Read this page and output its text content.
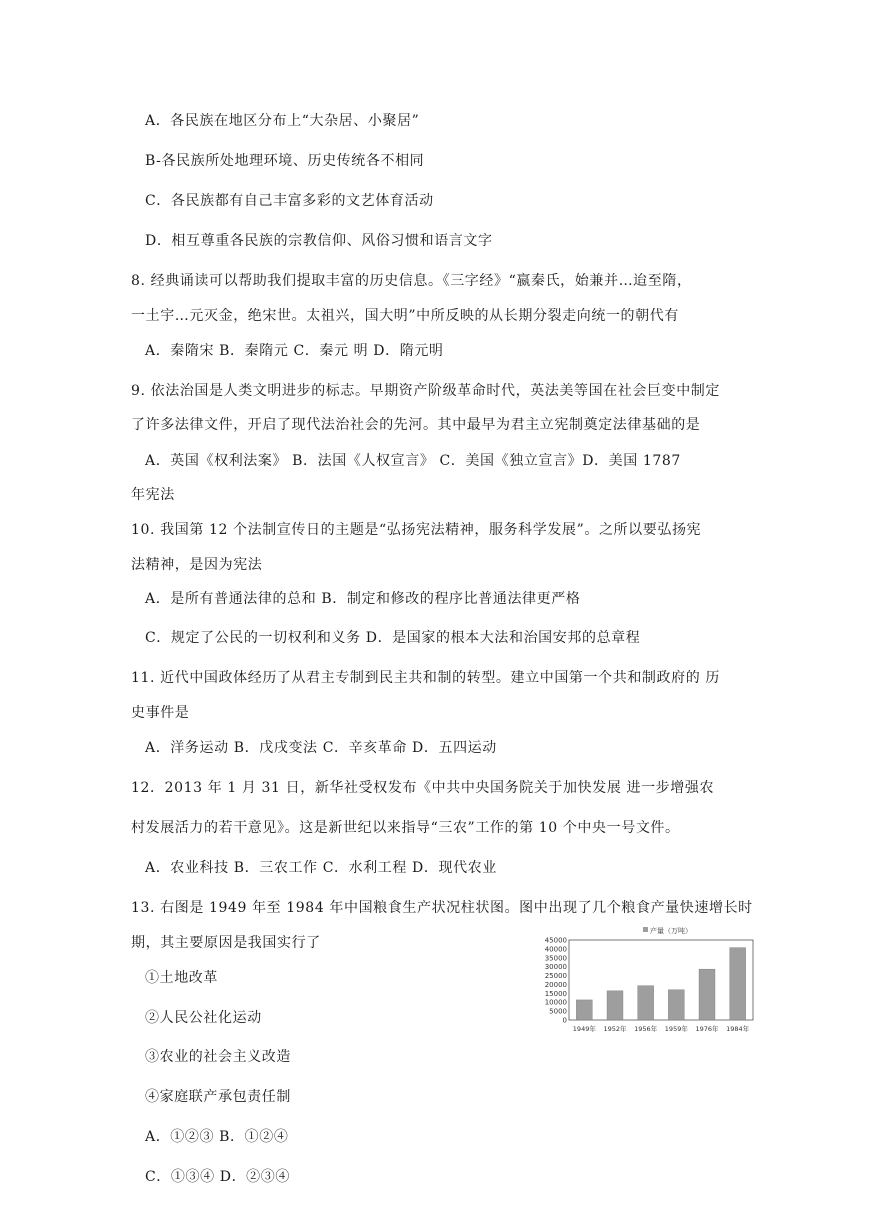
A．各民族在地区分布上“大杂居、小聚居”
B-各民族所处地理环境、历史传统各不相同
C．各民族都有自己丰富多彩的文艺体育活动
D．相互尊重各民族的宗教信仰、风俗习惯和语言文字
8. 经典诵读可以帮助我们提取丰富的历史信息。《三字经》“嬴秦氏，始兼并…迨至隋，
一土宇…元灭金，绝宋世。太祖兴，国大明”中所反映的从长期分裂走向统一的朝代有
A．秦隋宋 B．秦隋元 C．秦元 明 D．隋元明
9. 依法治国是人类文明进步的标志。早期资产阶级革命时代，英法美等国在社会巨变中制定
了许多法律文件，开启了现代法治社会的先河。其中最早为君主立宪制奠定法律基础的是
A．英国《权利法案》 B．法国《人权宣言》 C．美国《独立宣言》D．美国 1787
年宪法
10. 我国第 12 个法制宣传日的主题是“弘扬宪法精神，服务科学发展”。之所以要弘扬宪
法精神，是因为宪法
A．是所有普通法律的总和 B．制定和修改的程序比普通法律更严格
C．规定了公民的一切权利和义务 D．是国家的根本大法和治国安邦的总章程
11. 近代中国政体经历了从君主专制到民主共和制的转型。建立中国第一个共和制政府的 历
史事件是
A．洋务运动 B．戊戌变法 C．辛亥革命 D．五四运动
12．2013 年 1 月 31 日，新华社受权发布《中共中央国务院关于加快发展 进一步增强农
村发展活力的若干意见》。这是新世纪以来指导“三农”工作的第 10 个中央一号文件。
A．农业科技 B．三农工作 C．水利工程 D．现代农业
13. 右图是 1949 年至 1984 年中国粮食生产状况柱状图。图中出现了几个粮食产量快速增长时
期，其主要原因是我国实行了
①土地改革
②人民公社化运动
③农业的社会主义改造
④家庭联产承包责任制
A．①②③ B．①②④
C．①③④ D．②③④
产量（万吨）
0
5000
10000
15000
20000
25000
30000
35000
40000
45000
1949年 1952年 1956年 1959年 1976年 1984年
